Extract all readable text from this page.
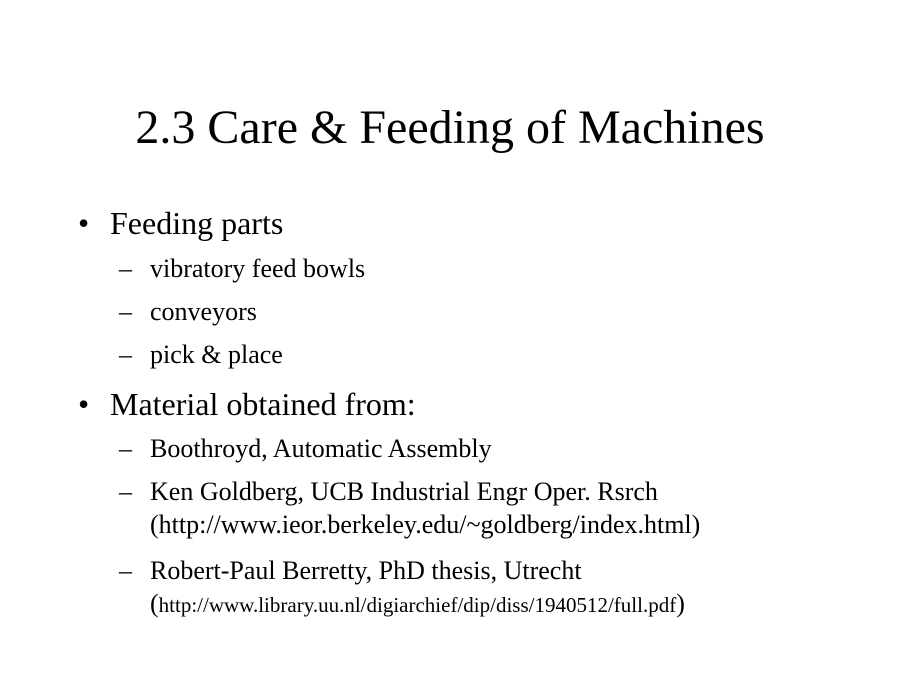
2.3 Care & Feeding of Machines
• Feeding parts
– vibratory feed bowls
– conveyors
– pick & place
• Material obtained from:
– Boothroyd, Automatic Assembly
– Ken Goldberg, UCB Industrial Engr Oper. Rsrch
(http://www.ieor.berkeley.edu/~goldberg/index.html)
– Robert-Paul Berretty, PhD thesis, Utrecht
(http://www.library.uu.nl/digiarchief/dip/diss/1940512/full.pdf)
